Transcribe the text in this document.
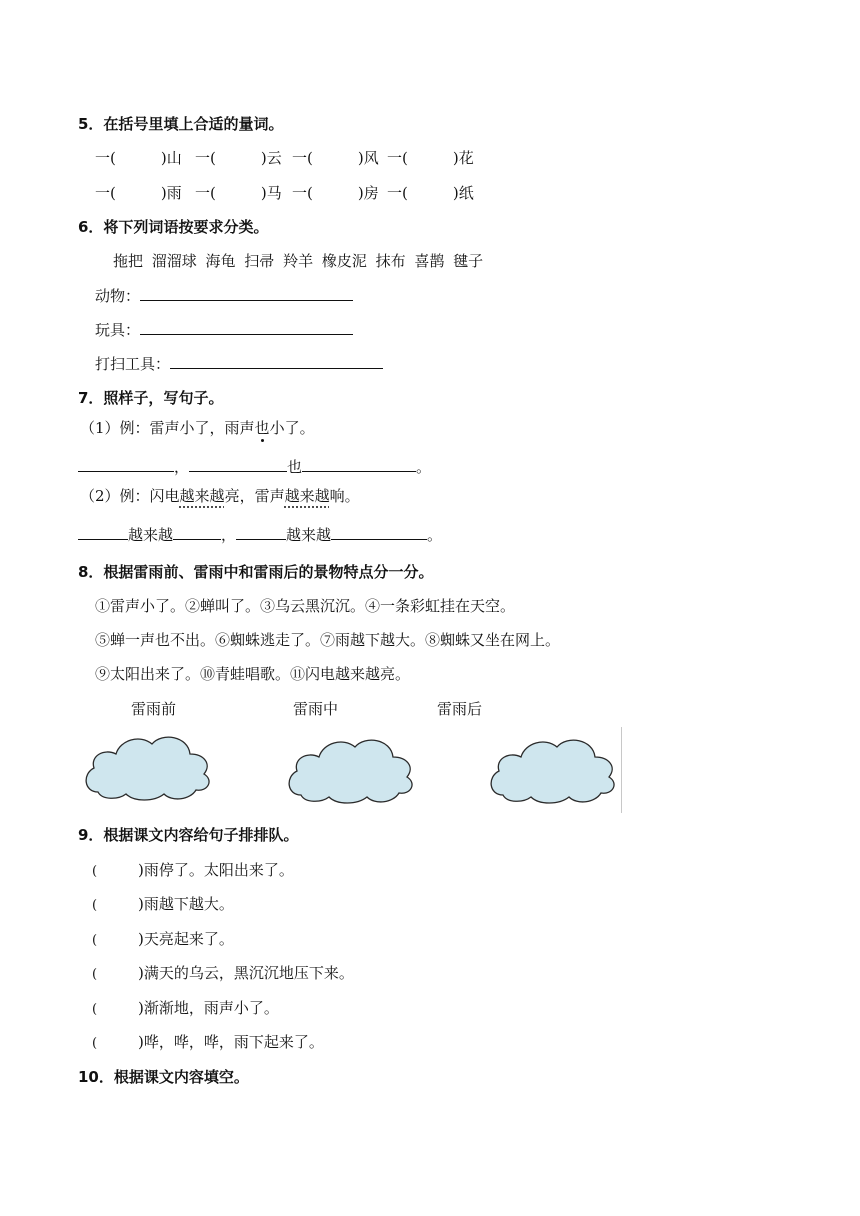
5．在括号里填上合适的量词。
一(　　　)山 一(　　　)云 一(　　　)风 一(　　　)花
一(　　　)雨 一(　　　)马 一(　　　)房 一(　　　)纸
6．将下列词语按要求分类。
拖把 溜溜球 海龟 扫帚 羚羊 橡皮泥 抹布 喜鹊 毽子
动物：
玩具：
打扫工具：
7．照样子，写句子。
（1）例：雷声小了，雨声也小了。
，	也	。
（2）例：闪电越来越亮，雷声越来越响。
越来越	，	越来越	。
8．根据雷雨前、雷雨中和雷雨后的景物特点分一分。
①雷声小了。②蝉叫了。③乌云黑沉沉。④一条彩虹挂在天空。
⑤蝉一声也不出。⑥蜘蛛逃走了。⑦雨越下越大。⑧蜘蛛又坐在网上。
⑨太阳出来了。⑩青蛙唱歌。⑪闪电越来越亮。
雷雨前	雷雨中	雷雨后
9．根据课文内容给句子排排队。
(	)雨停了。太阳出来了。
(	)雨越下越大。
(	)天亮起来了。
(	)满天的乌云，黑沉沉地压下来。
(	)渐渐地，雨声小了。
(	)哗，哗，哗，雨下起来了。
10．根据课文内容填空。
